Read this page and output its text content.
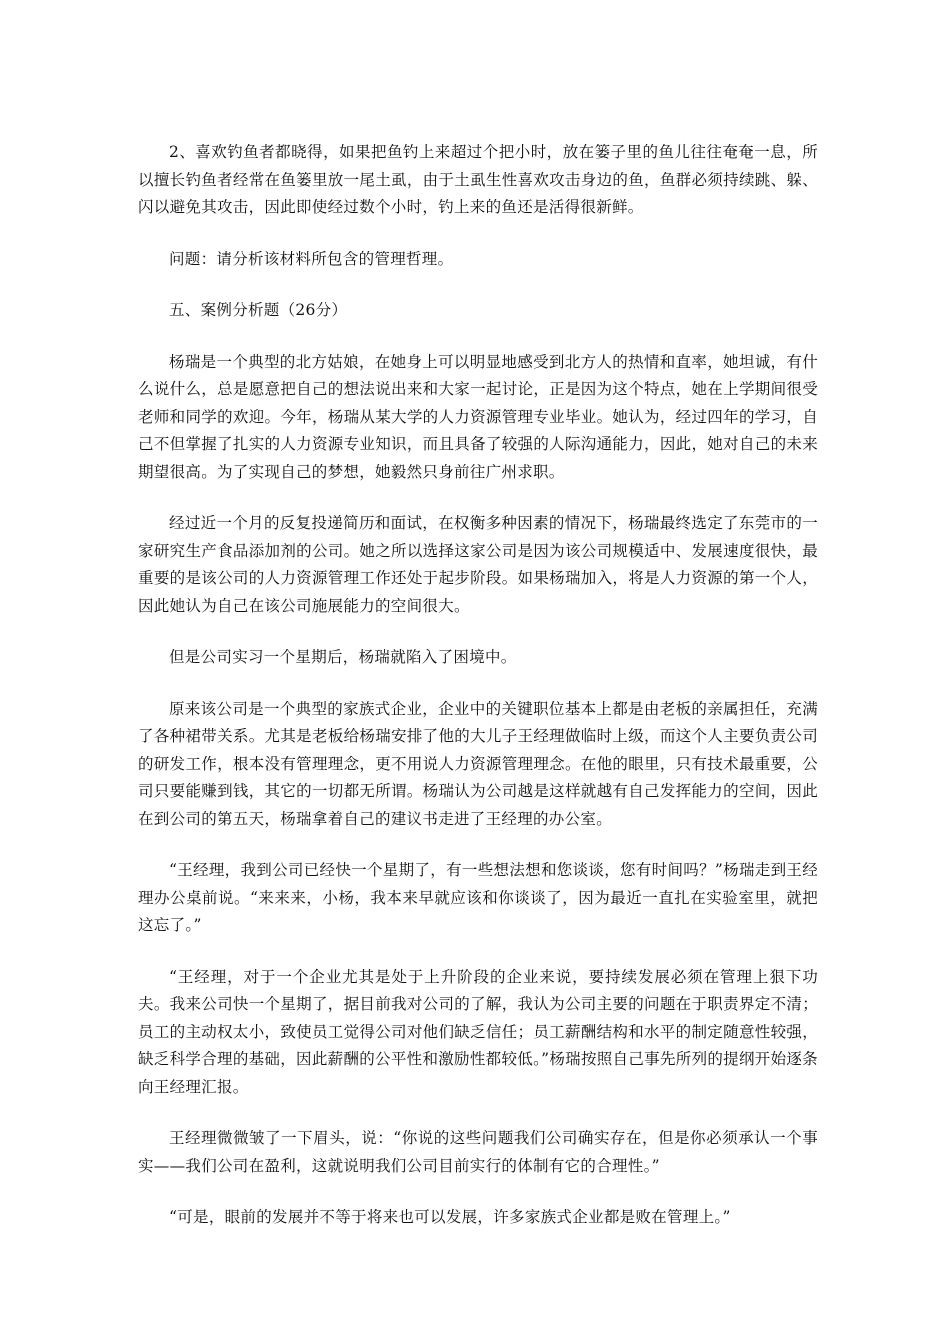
2、喜欢钓鱼者都晓得，如果把鱼钓上来超过个把小时，放在篓子里的鱼儿往往奄奄一息，所以擅长钓鱼者经常在鱼篓里放一尾土虱，由于土虱生性喜欢攻击身边的鱼，鱼群必须持续跳、躲、闪以避免其攻击，因此即使经过数个小时，钓上来的鱼还是活得很新鲜。

问题：请分析该材料所包含的管理哲理。

五、案例分析题（26分）

杨瑞是一个典型的北方姑娘，在她身上可以明显地感受到北方人的热情和直率，她坦诚，有什么说什么，总是愿意把自己的想法说出来和大家一起讨论，正是因为这个特点，她在上学期间很受老师和同学的欢迎。今年，杨瑞从某大学的人力资源管理专业毕业。她认为，经过四年的学习，自己不但掌握了扎实的人力资源专业知识，而且具备了较强的人际沟通能力，因此，她对自己的未来期望很高。为了实现自己的梦想，她毅然只身前往广州求职。

经过近一个月的反复投递简历和面试，在权衡多种因素的情况下，杨瑞最终选定了东莞市的一家研究生产食品添加剂的公司。她之所以选择这家公司是因为该公司规模适中、发展速度很快，最重要的是该公司的人力资源管理工作还处于起步阶段。如果杨瑞加入，将是人力资源的第一个人，因此她认为自己在该公司施展能力的空间很大。

但是公司实习一个星期后，杨瑞就陷入了困境中。

原来该公司是一个典型的家族式企业，企业中的关键职位基本上都是由老板的亲属担任，充满了各种裙带关系。尤其是老板给杨瑞安排了他的大儿子王经理做临时上级，而这个人主要负责公司的研发工作，根本没有管理理念，更不用说人力资源管理理念。在他的眼里，只有技术最重要，公司只要能赚到钱，其它的一切都无所谓。杨瑞认为公司越是这样就越有自己发挥能力的空间，因此在到公司的第五天，杨瑞拿着自己的建议书走进了王经理的办公室。

“王经理，我到公司已经快一个星期了，有一些想法想和您谈谈，您有时间吗？”杨瑞走到王经理办公桌前说。“来来来，小杨，我本来早就应该和你谈谈了，因为最近一直扎在实验室里，就把这忘了。”

“王经理，对于一个企业尤其是处于上升阶段的企业来说，要持续发展必须在管理上狠下功夫。我来公司快一个星期了，据目前我对公司的了解，我认为公司主要的问题在于职责界定不清；员工的主动权太小，致使员工觉得公司对他们缺乏信任；员工薪酬结构和水平的制定随意性较强，缺乏科学合理的基础，因此薪酬的公平性和激励性都较低。”杨瑞按照自己事先所列的提纲开始逐条向王经理汇报。

王经理微微皱了一下眉头，说：“你说的这些问题我们公司确实存在，但是你必须承认一个事实——我们公司在盈利，这就说明我们公司目前实行的体制有它的合理性。”

“可是，眼前的发展并不等于将来也可以发展，许多家族式企业都是败在管理上。”
